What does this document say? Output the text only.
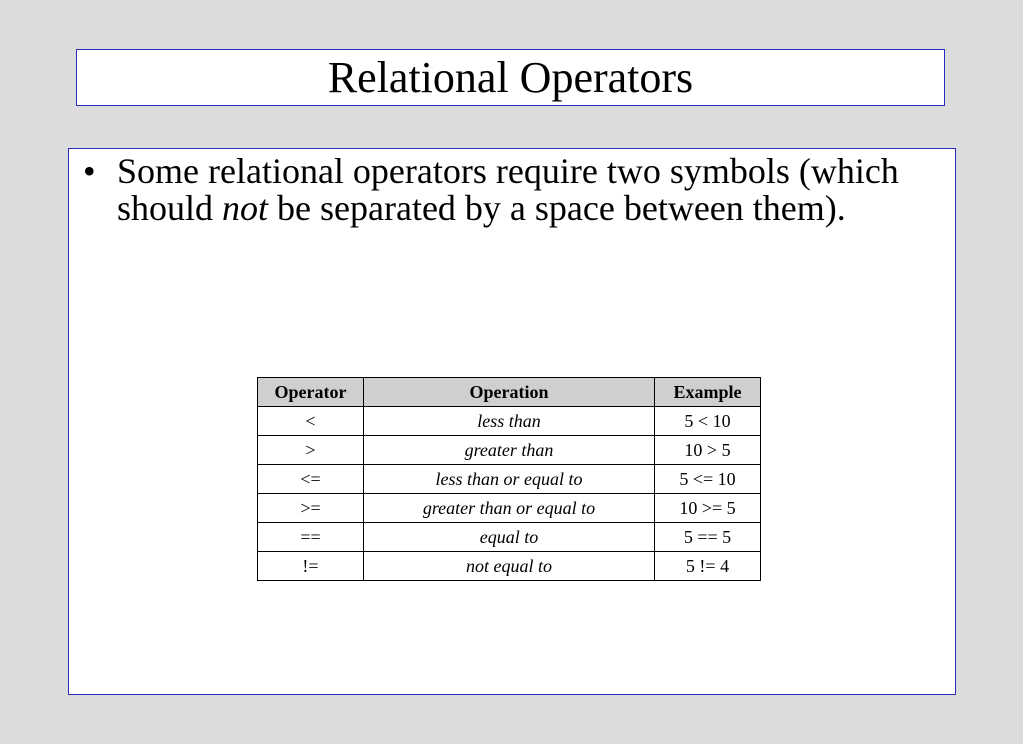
Relational Operators
• Some relational operators require two symbols (which should not be separated by a space between them).
Operator	Operation	Example
<	less than	5 < 10
>	greater than	10 > 5
<=	less than or equal to	5 <= 10
>=	greater than or equal to	10 >= 5
==	equal to	5 == 5
!=	not equal to	5 != 4
